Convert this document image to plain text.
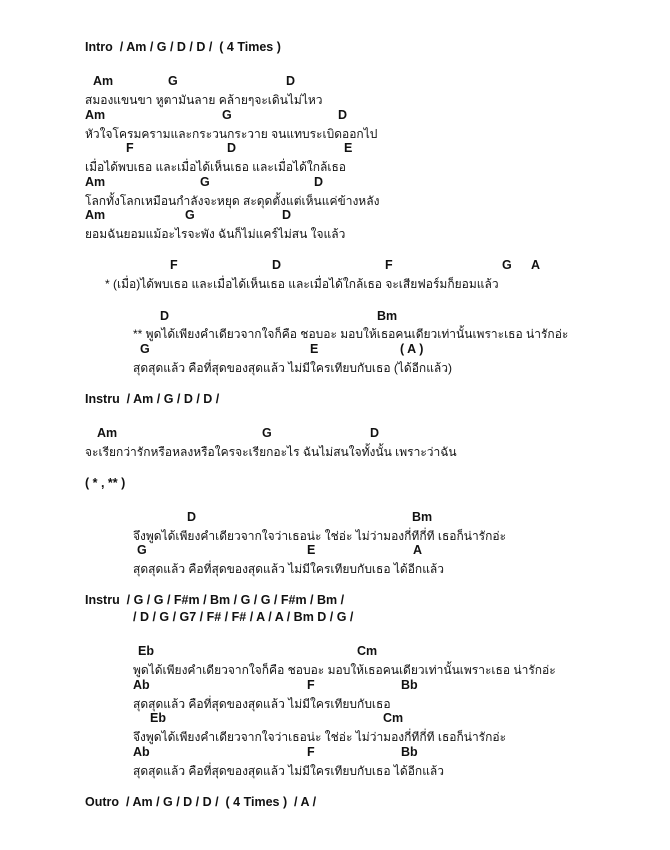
Intro  / Am / G / D / D /  ( 4 Times )
Am	G	D
สมองแขนขา หูตามันลาย คล้ายๆจะเดินไม่ไหว
Am	G	D
หัวใจโครมครามและกระวนกระวาย จนแทบระเบิดออกไป
F	D	E
เมื่อได้พบเธอ และเมื่อได้เห็นเธอ และเมื่อได้ใกล้เธอ
Am	G	D
โลกทั้งโลกเหมือนกำลังจะหยุด สะดุดตั้งแต่เห็นแค่ข้างหลัง
Am	G	D
ยอมฉันยอมแม้อะไรจะพัง ฉันก็ไม่แคร์ไม่สน ใจแล้ว
F	D	F	G A
* (เมื่อ)ได้พบเธอ และเมื่อได้เห็นเธอ และเมื่อได้ใกล้เธอ จะเสียฟอร์มก็ยอมแล้ว
D	Bm
** พูดได้เพียงคำเดียวจากใจก็คือ ชอบอะ มอบให้เธอคนเดียวเท่านั้นเพราะเธอ น่ารักอ่ะ
G	E	( A )
สุดสุดแล้ว คือที่สุดของสุดแล้ว ไม่มีใครเทียบกับเธอ (ได้อีกแล้ว)
Instru  / Am / G / D / D /
Am	G	D
จะเรียกว่ารักหรือหลงหรือใครจะเรียกอะไร ฉันไม่สนใจทั้งนั้น เพราะว่าฉัน
( * , ** )
D	Bm
จึงพูดได้เพียงคำเดียวจากใจว่าเธอน่ะ ใช่อ่ะ ไม่ว่ามองกี่ทีกี่ที เธอก็น่ารักอ่ะ
G	E	A
สุดสุดแล้ว คือที่สุดของสุดแล้ว ไม่มีใครเทียบกับเธอ ได้อีกแล้ว
Instru  / G / G / F#m / Bm / G / G / F#m / Bm /
/ D / G / G7 / F# / F# / A / A / Bm D / G /
Eb	Cm
พูดได้เพียงคำเดียวจากใจก็คือ ชอบอะ มอบให้เธอคนเดียวเท่านั้นเพราะเธอ น่ารักอ่ะ
Ab	F	Bb
สุดสุดแล้ว คือที่สุดของสุดแล้ว ไม่มีใครเทียบกับเธอ
Eb	Cm
จึงพูดได้เพียงคำเดียวจากใจว่าเธอน่ะ ใช่อ่ะ ไม่ว่ามองกี่ทีกี่ที เธอก็น่ารักอ่ะ
Ab	F	Bb
สุดสุดแล้ว คือที่สุดของสุดแล้ว ไม่มีใครเทียบกับเธอ ได้อีกแล้ว
Outro  / Am / G / D / D /  ( 4 Times )  / A /
